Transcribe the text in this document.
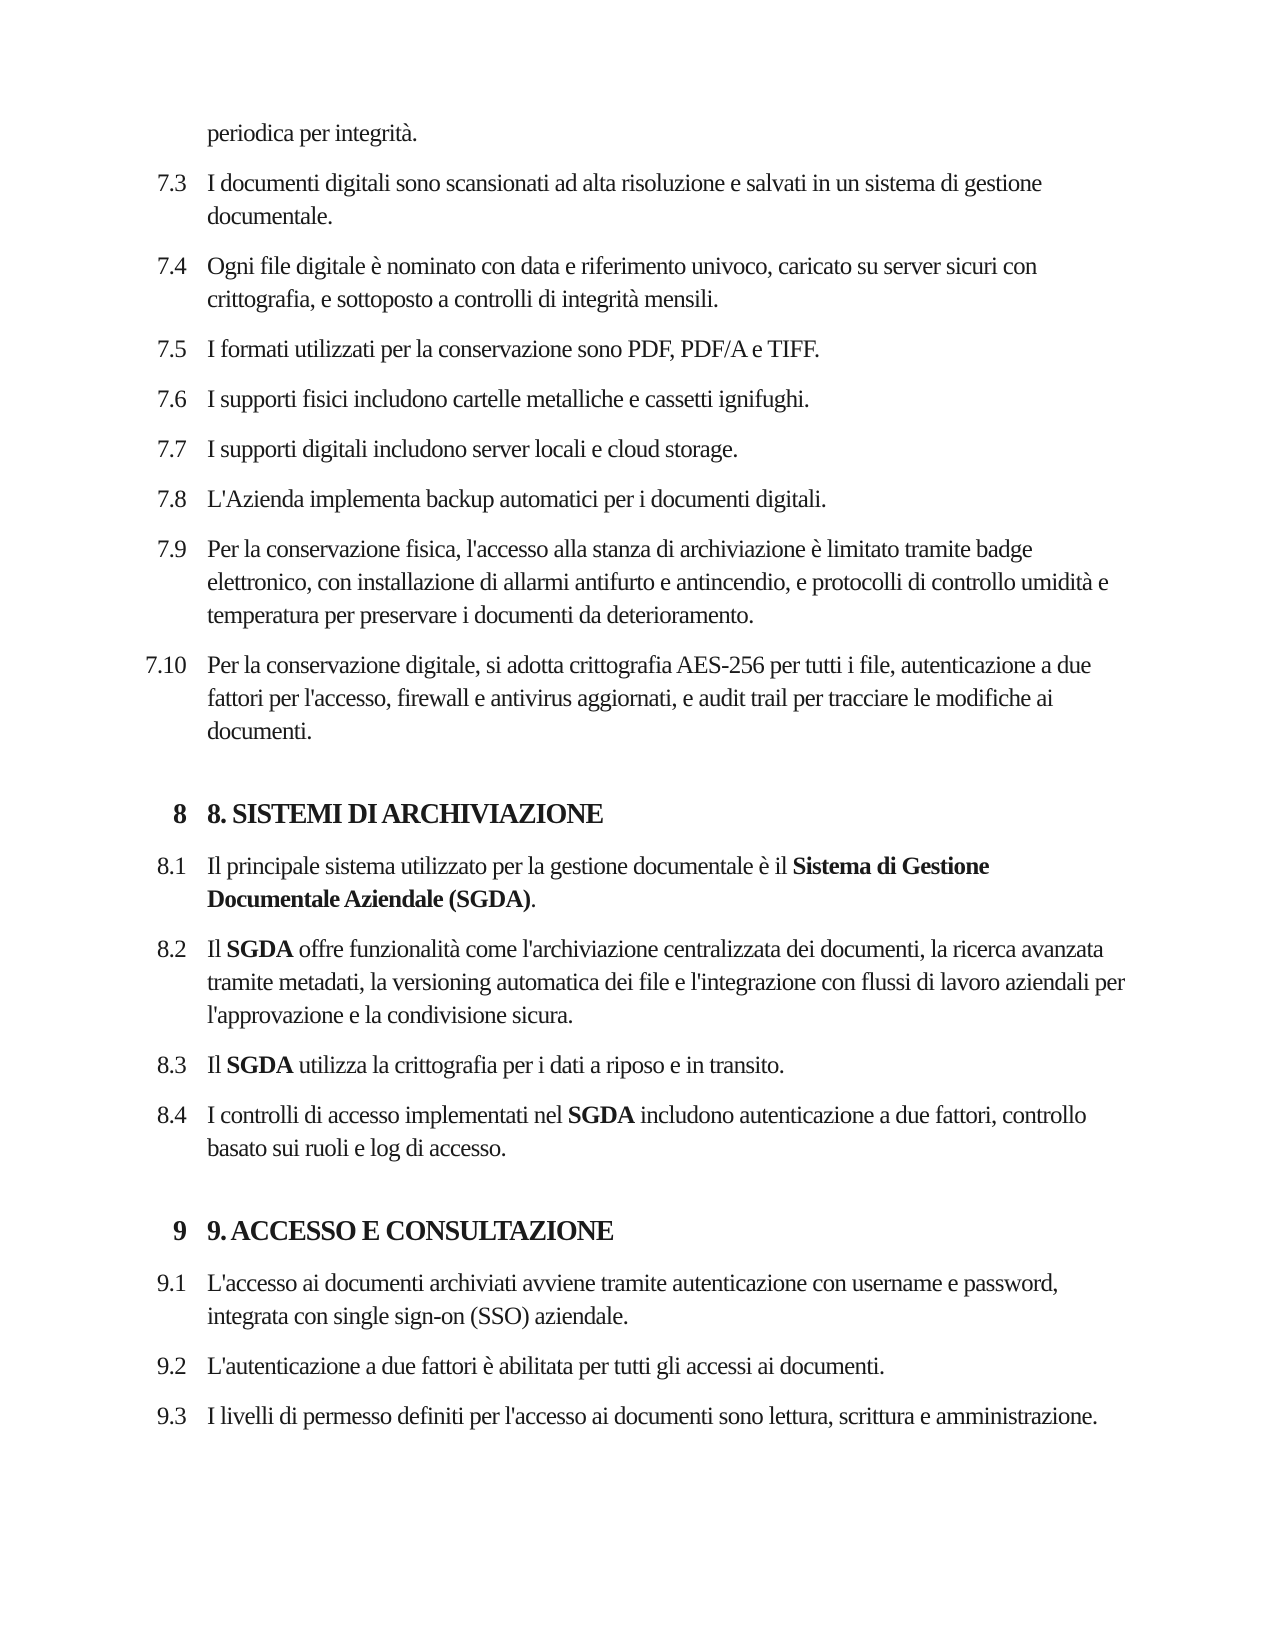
periodica per integrità.
7.3 I documenti digitali sono scansionati ad alta risoluzione e salvati in un sistema di gestione documentale.
7.4 Ogni file digitale è nominato con data e riferimento univoco, caricato su server sicuri con crittografia, e sottoposto a controlli di integrità mensili.
7.5 I formati utilizzati per la conservazione sono PDF, PDF/A e TIFF.
7.6 I supporti fisici includono cartelle metalliche e cassetti ignifughi.
7.7 I supporti digitali includono server locali e cloud storage.
7.8 L'Azienda implementa backup automatici per i documenti digitali.
7.9 Per la conservazione fisica, l'accesso alla stanza di archiviazione è limitato tramite badge elettronico, con installazione di allarmi antifurto e antincendio, e protocolli di controllo umidità e temperatura per preservare i documenti da deterioramento.
7.10 Per la conservazione digitale, si adotta crittografia AES-256 per tutti i file, autenticazione a due fattori per l'accesso, firewall e antivirus aggiornati, e audit trail per tracciare le modifiche ai documenti.
8 8. SISTEMI DI ARCHIVIAZIONE
8.1 Il principale sistema utilizzato per la gestione documentale è il Sistema di Gestione Documentale Aziendale (SGDA).
8.2 Il SGDA offre funzionalità come l'archiviazione centralizzata dei documenti, la ricerca avanzata tramite metadati, la versioning automatica dei file e l'integrazione con flussi di lavoro aziendali per l'approvazione e la condivisione sicura.
8.3 Il SGDA utilizza la crittografia per i dati a riposo e in transito.
8.4 I controlli di accesso implementati nel SGDA includono autenticazione a due fattori, controllo basato sui ruoli e log di accesso.
9 9. ACCESSO E CONSULTAZIONE
9.1 L'accesso ai documenti archiviati avviene tramite autenticazione con username e password, integrata con single sign-on (SSO) aziendale.
9.2 L'autenticazione a due fattori è abilitata per tutti gli accessi ai documenti.
9.3 I livelli di permesso definiti per l'accesso ai documenti sono lettura, scrittura e amministrazione.
